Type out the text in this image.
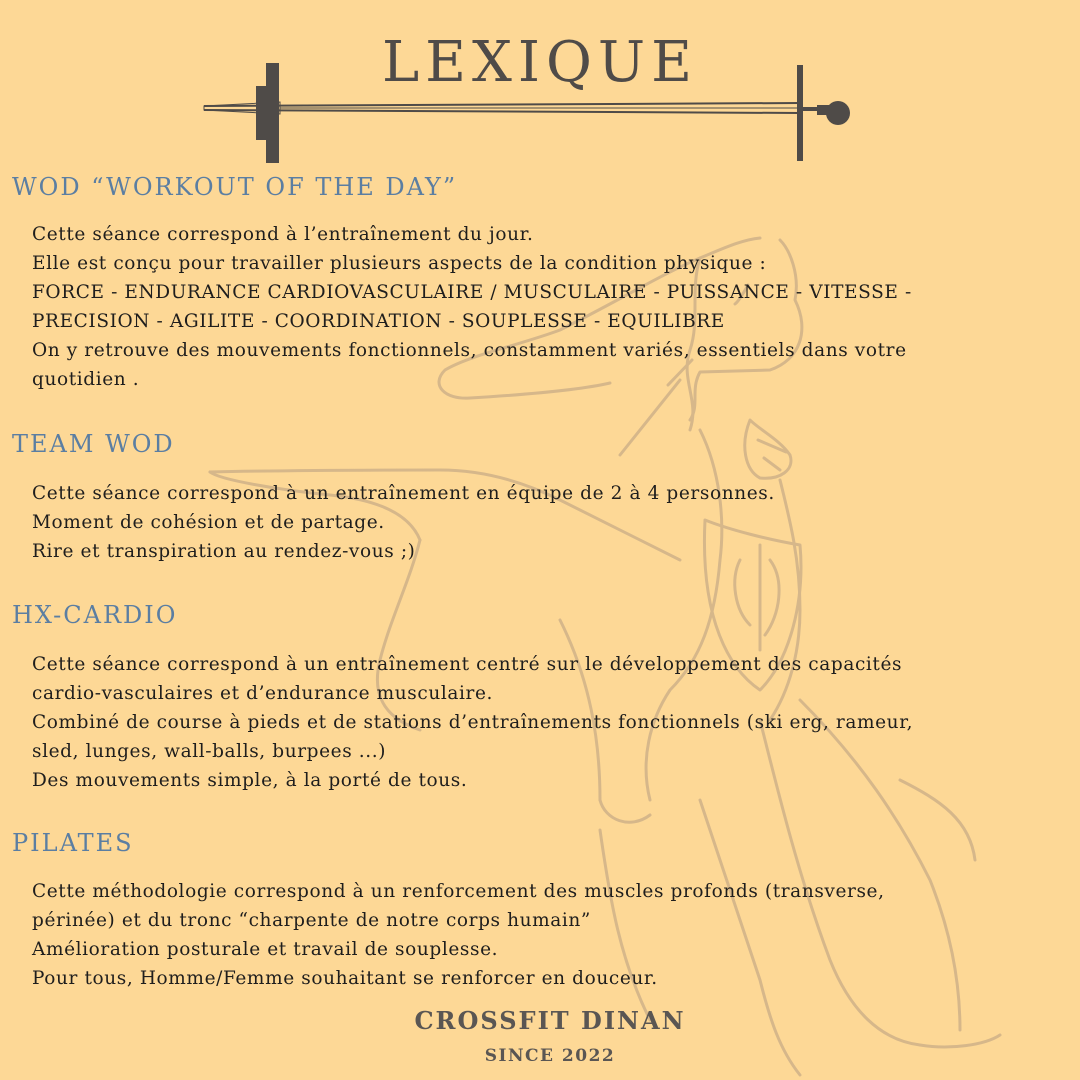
LEXIQUE
WOD “WORKOUT OF THE DAY”
Cette séance correspond à l’entraînement du jour.
Elle est conçu pour travailler plusieurs aspects de la condition physique :
FORCE - ENDURANCE CARDIOVASCULAIRE / MUSCULAIRE - PUISSANCE - VITESSE -
PRECISION - AGILITE - COORDINATION - SOUPLESSE - EQUILIBRE
On y retrouve des mouvements fonctionnels, constamment variés, essentiels dans votre
quotidien .
TEAM WOD
Cette séance correspond à un entraînement en équipe de 2 à 4 personnes.
Moment de cohésion et de partage.
Rire et transpiration au rendez-vous ;)
HX-CARDIO
Cette séance correspond à un entraînement centré sur le développement des capacités
cardio-vasculaires et d’endurance musculaire.
Combiné de course à pieds et de stations d’entraînements fonctionnels (ski erg, rameur,
sled, lunges, wall-balls, burpees ...)
Des mouvements simple, à la porté de tous.
PILATES
Cette méthodologie correspond à un renforcement des muscles profonds (transverse,
périnée) et du tronc “charpente de notre corps humain”
Amélioration posturale et travail de souplesse.
Pour tous, Homme/Femme souhaitant se renforcer en douceur.
CROSSFIT DINAN
SINCE 2022
